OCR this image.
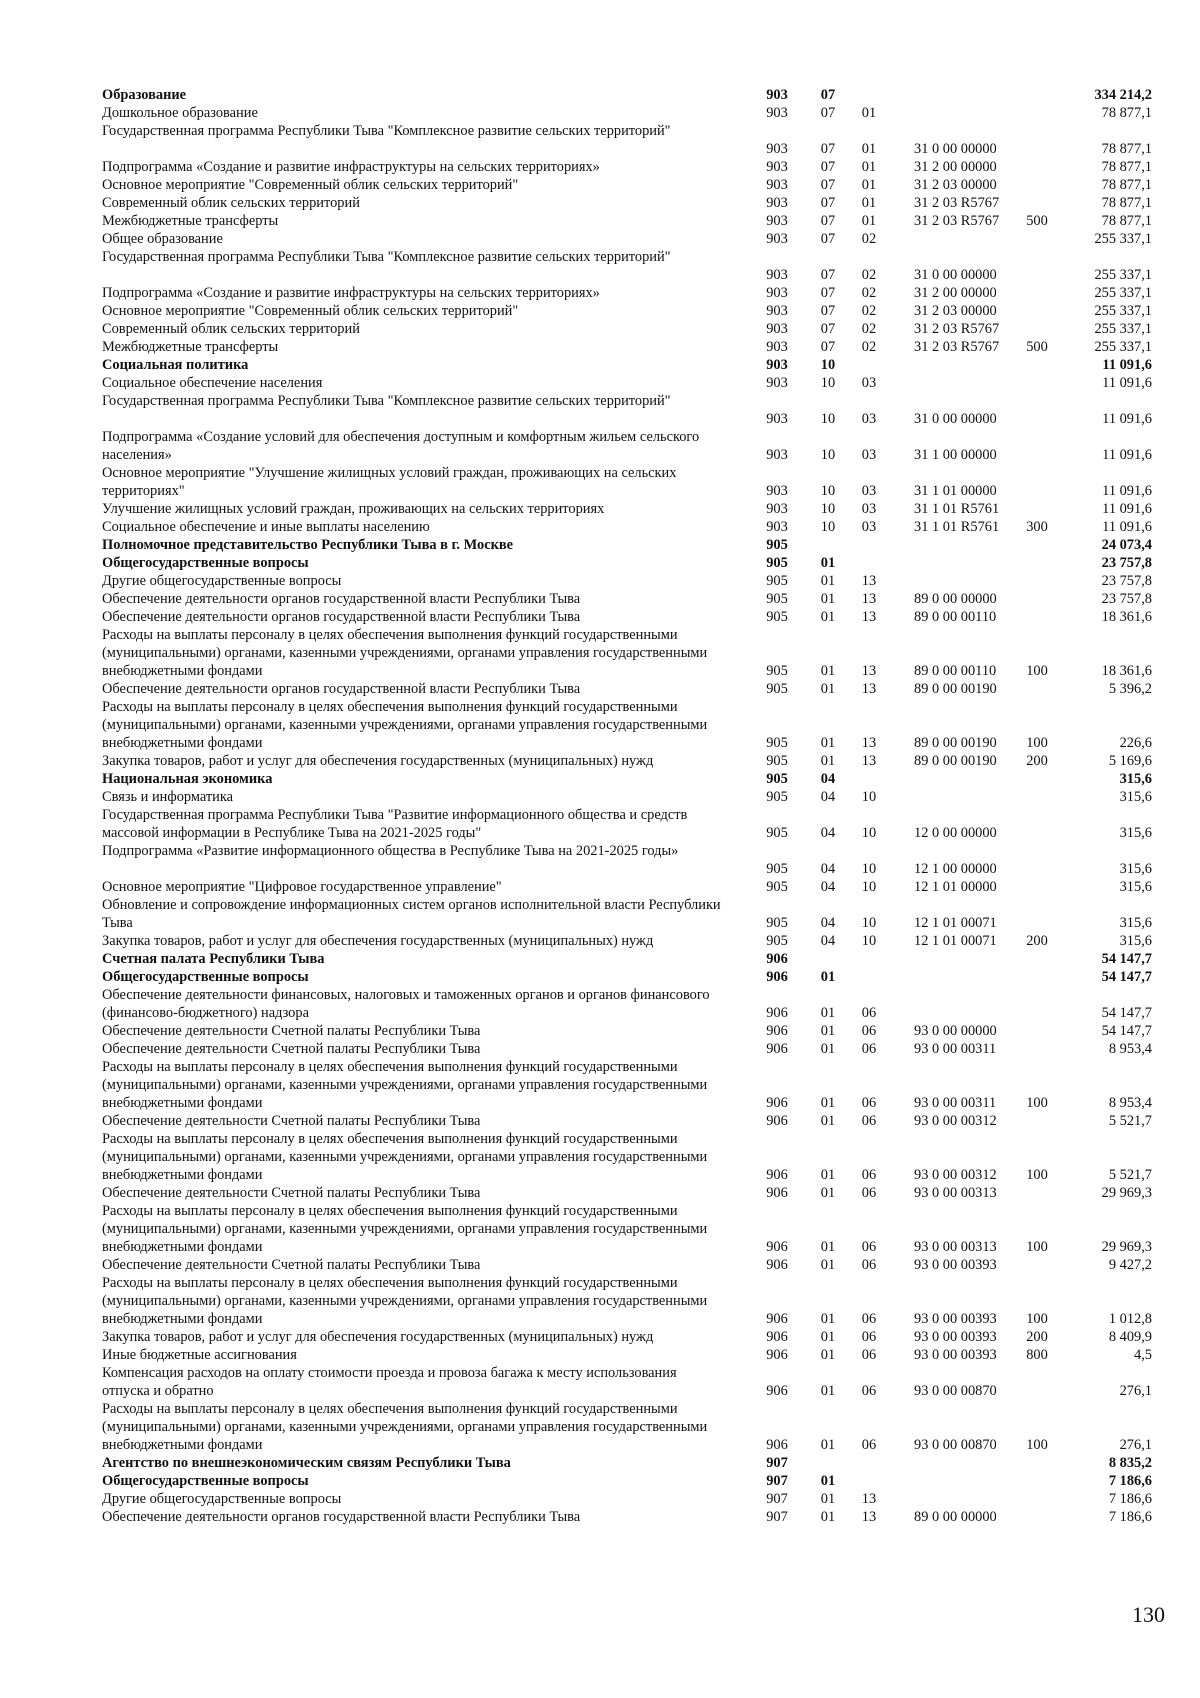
Образование	903	07	334 214,2
Дошкольное образование	903	07	01	78 877,1
Государственная программа Республики Тыва "Комплексное развитие сельских территорий"
903	07	01	31 0 00 00000	78 877,1
Подпрограмма «Создание и развитие инфраструктуры на сельских территориях»	903	07	01	31 2 00 00000	78 877,1
Основное мероприятие "Современный облик сельских территорий"	903	07	01	31 2 03 00000	78 877,1
Современный облик сельских территорий	903	07	01	31 2 03 R5767	78 877,1
Межбюджетные трансферты	903	07	01	31 2 03 R5767	500	78 877,1
Общее образование	903	07	02	255 337,1
Государственная программа Республики Тыва "Комплексное развитие сельских территорий"
903	07	02	31 0 00 00000	255 337,1
Подпрограмма «Создание и развитие инфраструктуры на сельских территориях»	903	07	02	31 2 00 00000	255 337,1
Основное мероприятие "Современный облик сельских территорий"	903	07	02	31 2 03 00000	255 337,1
Современный облик сельских территорий	903	07	02	31 2 03 R5767	255 337,1
Межбюджетные трансферты	903	07	02	31 2 03 R5767	500	255 337,1
Социальная политика	903	10	11 091,6
Социальное обеспечение населения	903	10	03	11 091,6
Государственная программа Республики Тыва "Комплексное развитие сельских территорий"
903	10	03	31 0 00 00000	11 091,6
Подпрограмма «Создание условий для обеспечения доступным и комфортным жильем сельского населения»	903	10	03	31 1 00 00000	11 091,6
Основное мероприятие "Улучшение жилищных условий граждан, проживающих на сельских территориях"	903	10	03	31 1 01 00000	11 091,6
Улучшение жилищных условий граждан, проживающих на сельских территориях	903	10	03	31 1 01 R5761	11 091,6
Социальное обеспечение и иные выплаты населению	903	10	03	31 1 01 R5761	300	11 091,6
Полномочное представительство Республики Тыва в г. Москве	905	24 073,4
Общегосударственные вопросы	905	01	23 757,8
Другие общегосударственные вопросы	905	01	13	23 757,8
Обеспечение деятельности органов государственной власти Республики Тыва	905	01	13	89 0 00 00000	23 757,8
Обеспечение деятельности органов государственной власти Республики Тыва	905	01	13	89 0 00 00110	18 361,6
Расходы на выплаты персоналу в целях обеспечения выполнения функций государственными (муниципальными) органами, казенными учреждениями, органами управления государственными внебюджетными фондами	905	01	13	89 0 00 00110	100	18 361,6
Обеспечение деятельности органов государственной власти Республики Тыва	905	01	13	89 0 00 00190	5 396,2
Расходы на выплаты персоналу в целях обеспечения выполнения функций государственными (муниципальными) органами, казенными учреждениями, органами управления государственными внебюджетными фондами	905	01	13	89 0 00 00190	100	226,6
Закупка товаров, работ и услуг для обеспечения государственных (муниципальных) нужд	905	01	13	89 0 00 00190	200	5 169,6
Национальная экономика	905	04	315,6
Связь и информатика	905	04	10	315,6
Государственная программа Республики Тыва "Развитие информационного общества и средств массовой информации в Республике Тыва на 2021-2025 годы"	905	04	10	12 0 00 00000	315,6
Подпрограмма «Развитие информационного общества в Республике Тыва на 2021-2025 годы»
905	04	10	12 1 00 00000	315,6
Основное мероприятие "Цифровое государственное управление"	905	04	10	12 1 01 00000	315,6
Обновление и сопровождение информационных систем органов исполнительной власти Республики Тыва	905	04	10	12 1 01 00071	315,6
Закупка товаров, работ и услуг для обеспечения государственных (муниципальных) нужд	905	04	10	12 1 01 00071	200	315,6
Счетная палата Республики Тыва	906	54 147,7
Общегосударственные вопросы	906	01	54 147,7
Обеспечение деятельности финансовых, налоговых и таможенных органов и органов финансового (финансово-бюджетного) надзора	906	01	06	54 147,7
Обеспечение деятельности Счетной палаты Республики Тыва	906	01	06	93 0 00 00000	54 147,7
Обеспечение деятельности Счетной палаты Республики Тыва	906	01	06	93 0 00 00311	8 953,4
Расходы на выплаты персоналу в целях обеспечения выполнения функций государственными (муниципальными) органами, казенными учреждениями, органами управления государственными внебюджетными фондами	906	01	06	93 0 00 00311	100	8 953,4
Обеспечение деятельности Счетной палаты Республики Тыва	906	01	06	93 0 00 00312	5 521,7
Расходы на выплаты персоналу в целях обеспечения выполнения функций государственными (муниципальными) органами, казенными учреждениями, органами управления государственными внебюджетными фондами	906	01	06	93 0 00 00312	100	5 521,7
Обеспечение деятельности Счетной палаты Республики Тыва	906	01	06	93 0 00 00313	29 969,3
Расходы на выплаты персоналу в целях обеспечения выполнения функций государственными (муниципальными) органами, казенными учреждениями, органами управления государственными внебюджетными фондами	906	01	06	93 0 00 00313	100	29 969,3
Обеспечение деятельности Счетной палаты Республики Тыва	906	01	06	93 0 00 00393	9 427,2
Расходы на выплаты персоналу в целях обеспечения выполнения функций государственными (муниципальными) органами, казенными учреждениями, органами управления государственными внебюджетными фондами	906	01	06	93 0 00 00393	100	1 012,8
Закупка товаров, работ и услуг для обеспечения государственных (муниципальных) нужд	906	01	06	93 0 00 00393	200	8 409,9
Иные бюджетные ассигнования	906	01	06	93 0 00 00393	800	4,5
Компенсация расходов на оплату стоимости проезда и провоза багажа к месту использования отпуска и обратно	906	01	06	93 0 00 00870	276,1
Расходы на выплаты персоналу в целях обеспечения выполнения функций государственными (муниципальными) органами, казенными учреждениями, органами управления государственными внебюджетными фондами	906	01	06	93 0 00 00870	100	276,1
Агентство по внешнеэкономическим связям Республики Тыва	907	8 835,2
Общегосударственные вопросы	907	01	7 186,6
Другие общегосударственные вопросы	907	01	13	7 186,6
Обеспечение деятельности органов государственной власти Республики Тыва	907	01	13	89 0 00 00000	7 186,6
130
